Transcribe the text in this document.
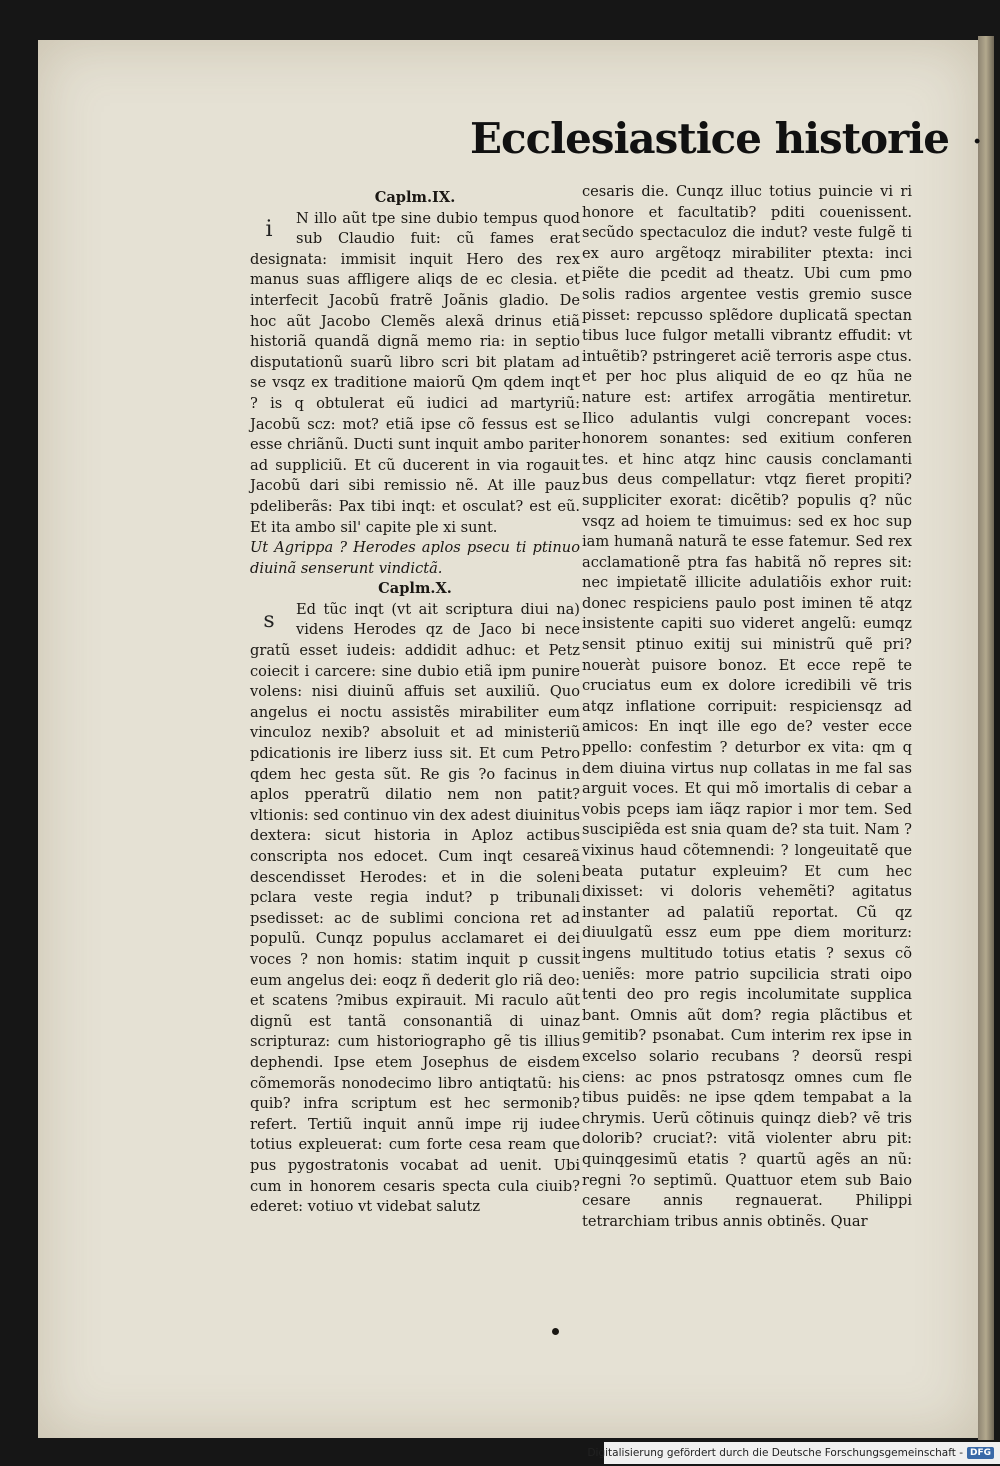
Ecclesiastice historie ·
Caplm.IX.
i	N illo aũt tpe sine dubio tempus quod sub Claudio fuit: cũ fames erat designata: immisit inquit Hero des rex manus suas affligere aliqs de ec clesia. et interfecit Jacobũ fratrẽ Joãnis gladio. De hoc aũt Jacobo Clemẽs alexã drinus etiã historiã quandã dignã memo ria: in septio disputationũ suarũ libro scri bit platam ad se vsqz ex traditione maiorũ Qm qdem inqt ? is q obtulerat eũ iudici ad martyriũ: Jacobũ scz: mot? etiã ipse cõ fessus est se esse chriãnũ. Ducti sunt inquit ambo pariter ad suppliciũ. Et cũ ducerent in via rogauit Jacobũ dari sibi remissio nẽ. At ille pauz pdeliberãs: Pax tibi inqt: et osculat? est eũ. Et ita ambo sil' capite ple xi sunt.
Ut Agrippa ? Herodes aplos psecu ti ptinuo diuinã senserunt vindictã.
Caplm.X.
s	Ed tũc inqt (vt ait scriptura diui na) videns Herodes qz de Jaco bi nece gratũ esset iudeis: addidit adhuc: et Petz coiecit i carcere: sine dubio etiã ipm punire volens: nisi diuinũ affuis set auxiliũ. Quo angelus ei noctu assistẽs mirabiliter eum vinculoz nexib? absoluit et ad ministeriũ pdicationis ire liberz iuss sit. Et cum Petro qdem hec gesta sũt. Re gis ?o facinus in aplos pperatrũ dilatio nem non patit? vltionis: sed continuo vin dex adest diuinitus dextera: sicut historia in Aploz actibus conscripta nos edocet. Cum inqt cesareã descendisset Herodes: et in die soleni pclara veste regia indut? p tribunali psedisset: ac de sublimi conciona ret ad populũ. Cunqz populus acclamaret ei dei voces ? non homis: statim inquit p cussit eum angelus dei: eoqz ñ dederit glo riã deo: et scatens ?mibus expirauit. Mi raculo aũt dignũ est tantã consonantiã di uinaz scripturaz: cum historiographo gẽ tis illius dephendi. Ipse etem Josephus de eisdem cõmemorãs nonodecimo libro antiqtatũ: his quib? infra scriptum est hec sermonib? refert. Tertiũ inquit annũ impe rij iudee totius expleuerat: cum forte cesa ream que pus pygostratonis vocabat ad uenit. Ubi cum in honorem cesaris specta cula ciuib? ederet: votiuo vt videbat salutz
cesaris die. Cunqz illuc totius puincie vi ri honore et facultatib? pditi couenissent. secũdo spectaculoz die indut? veste fulgẽ ti ex auro argẽtoqz mirabiliter ptexta: inci piẽte die pcedit ad theatz. Ubi cum pmo solis radios argentee vestis gremio susce pisset: repcusso splẽdore duplicatã spectan tibus luce fulgor metalli vibrantz effudit: vt intuẽtib? pstringeret aciẽ terroris aspe ctus. et per hoc plus aliquid de eo qz hũa ne nature est: artifex arrogãtia mentiretur. Ilico adulantis vulgi concrepant voces: honorem sonantes: sed exitium conferen tes. et hinc atqz hinc causis conclamanti bus deus compellatur: vtqz fieret propiti? suppliciter exorat: dicẽtib? populis q? nũc vsqz ad hoiem te timuimus: sed ex hoc sup iam humanã naturã te esse fatemur. Sed rex acclamationẽ ptra fas habitã nõ repres sit: nec impietatẽ illicite adulatiõis exhor ruit: donec respiciens paulo post iminen tẽ atqz insistente capiti suo videret angelũ: eumqz sensit ptinuo exitij sui ministrũ quẽ pri? noueràt puisore bonoz. Et ecce repẽ te cruciatus eum ex dolore icredibili vẽ tris atqz inflatione corripuit: respiciensqz ad amicos: En inqt ille ego de? vester ecce ppello: confestim ? deturbor ex vita: qm q dem diuina virtus nup collatas in me fal sas arguit voces. Et qui mõ imortalis di cebar a vobis pceps iam iãqz rapior i mor tem. Sed suscipiẽda est snia quam de? sta tuit. Nam ? vixinus haud cõtemnendi: ? longeuitatẽ que beata putatur expleuim? Et cum hec dixisset: vi doloris vehemẽti? agitatus instanter ad palatiũ reportat. Cũ qz diuulgatũ essz eum ppe diem moriturz: ingens multitudo totius etatis ? sexus cõ ueniẽs: more patrio supcilicia strati oipo tenti deo pro regis incolumitate supplica bant. Omnis aũt dom? regia plãctibus et gemitib? psonabat. Cum interim rex ipse in excelso solario recubans ? deorsũ respi ciens: ac pnos pstratosqz omnes cum fle tibus puidẽs: ne ipse qdem tempabat a la chrymis. Uerũ cõtinuis quinqz dieb? vẽ tris dolorib? cruciat?: vitã violenter abru pit: quinqgesimũ etatis ? quartũ agẽs an nũ: regni ?o septimũ. Quattuor etem sub Baio cesare annis regnauerat. Philippi tetrarchiam tribus annis obtinẽs. Quar
Digitalisierung gefördert durch die Deutsche Forschungsgemeinschaft - DFG
